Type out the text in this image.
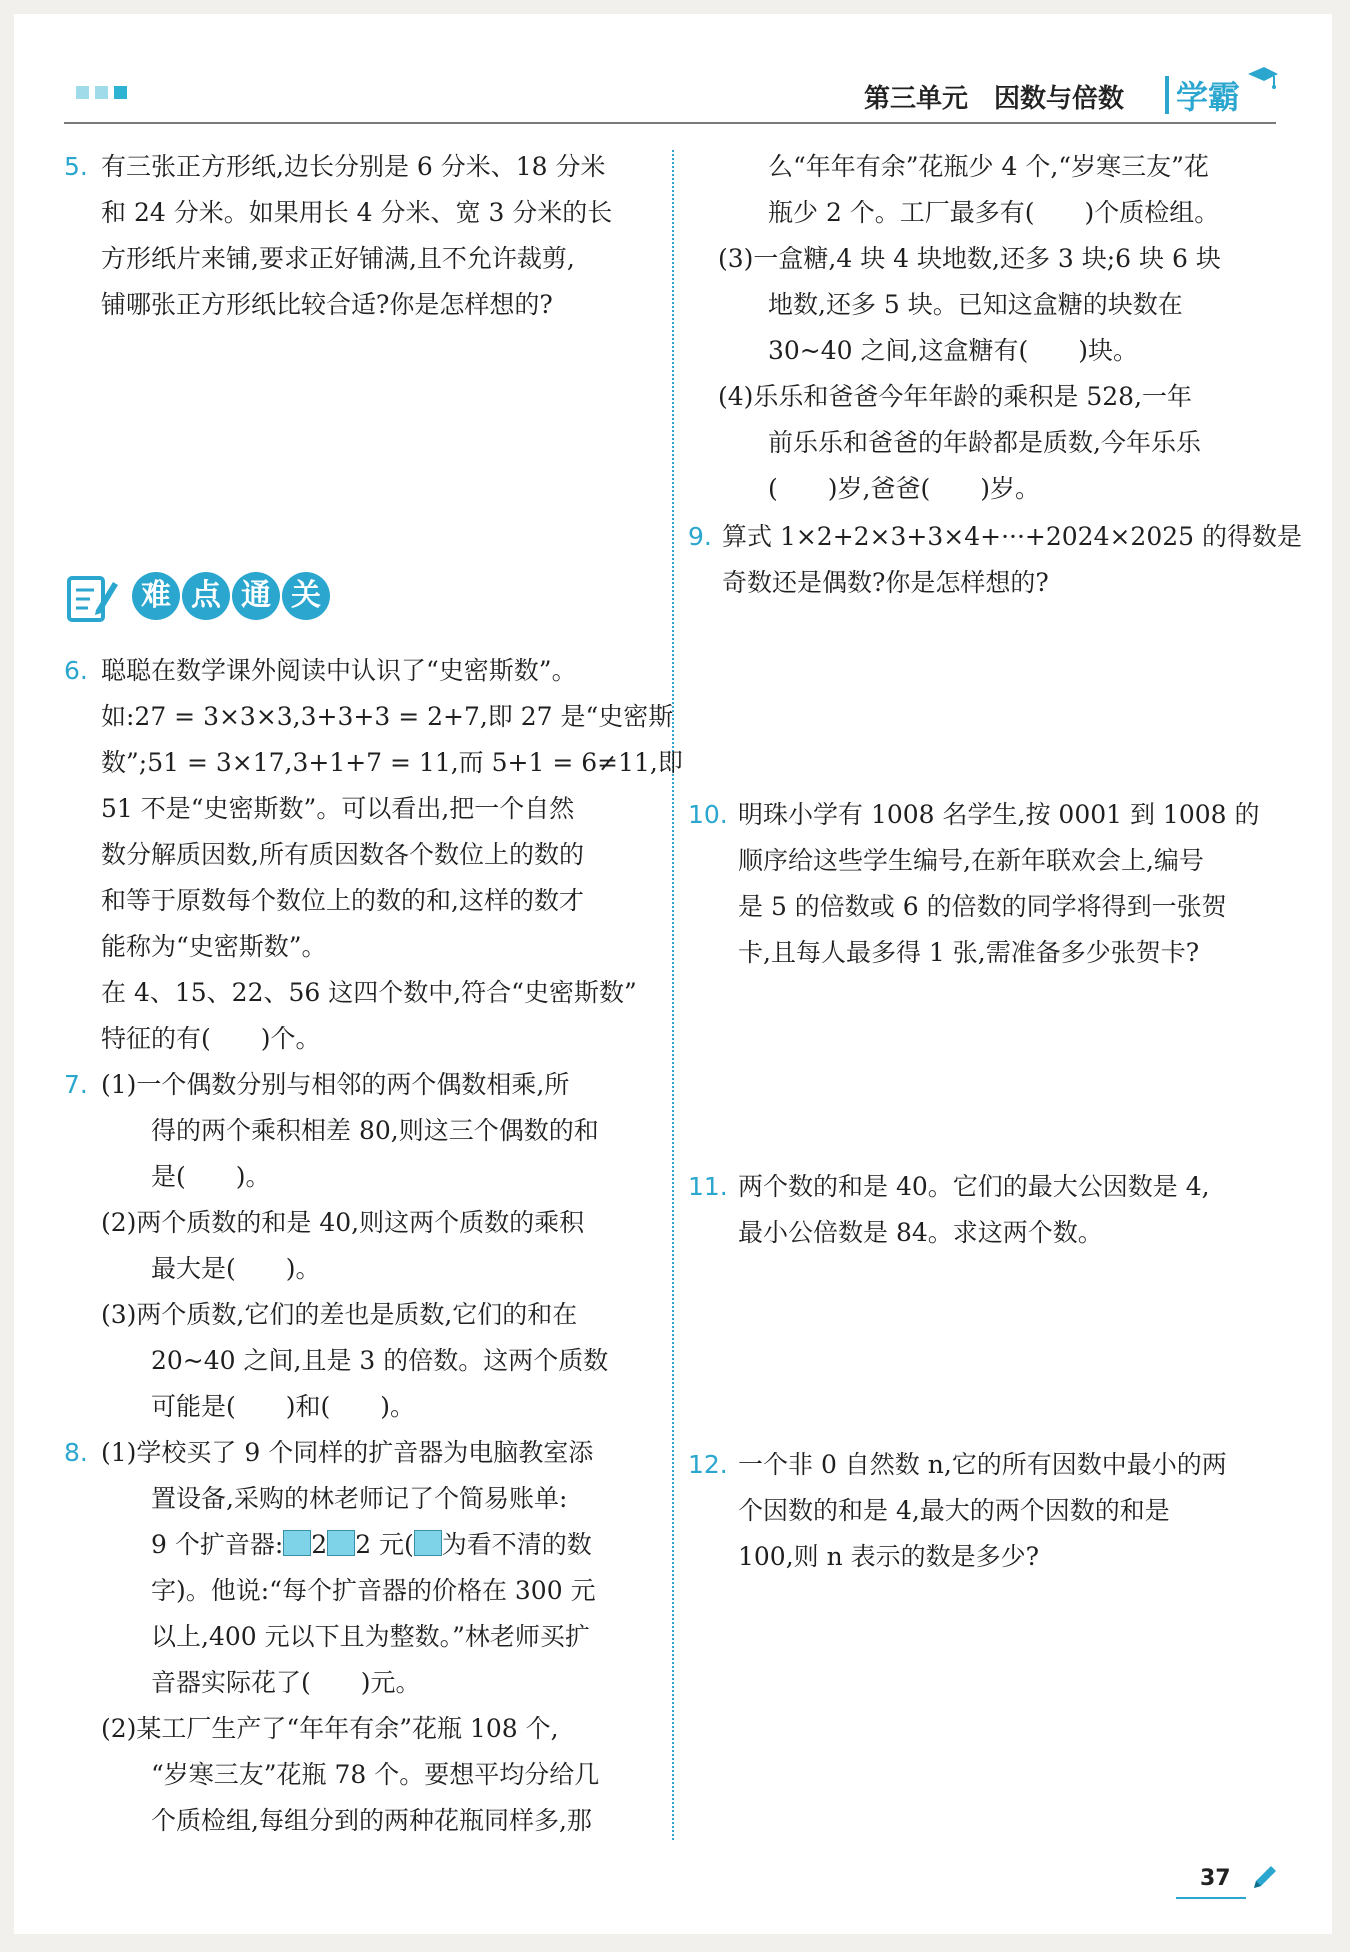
第三单元　 因数与倍数 学霸
5. 有三张正方形纸,边长分别是 6 分米、18 分米
和 24 分米。如果用长 4 分米、宽 3 分米的长
方形纸片来铺,要求正好铺满,且不允许裁剪,
铺哪张正方形纸比较合适?你是怎样想的?
难 点 通 关
6. 聪聪在数学课外阅读中认识了“史密斯数”。
如:27 = 3×3×3,3+3+3 = 2+7,即 27 是“史密斯
数”;51 = 3×17,3+1+7 = 11,而 5+1 = 6≠11,即
51 不是“史密斯数”。可以看出,把一个自然
数分解质因数,所有质因数各个数位上的数的
和等于原数每个数位上的数的和,这样的数才
能称为“史密斯数”。
在 4、15、22、56 这四个数中,符合“史密斯数”
特征的有(　　)个。
7. (1)一个偶数分别与相邻的两个偶数相乘,所
得的两个乘积相差 80,则这三个偶数的和
是(　　)。
(2)两个质数的和是 40,则这两个质数的乘积
最大是(　　)。
(3)两个质数,它们的差也是质数,它们的和在
20~40 之间,且是 3 的倍数。这两个质数
可能是(　　)和(　　)。
8. (1)学校买了 9 个同样的扩音器为电脑教室添
置设备,采购的林老师记了个简易账单:
9 个扩音器: 2 2 元( 为看不清的数
字)。他说:“每个扩音器的价格在 300 元
以上,400 元以下且为整数。”林老师买扩
音器实际花了(　　)元。
(2)某工厂生产了“年年有余”花瓶 108 个,
“岁寒三友”花瓶 78 个。要想平均分给几
个质检组,每组分到的两种花瓶同样多,那
么“年年有余”花瓶少 4 个,“岁寒三友”花
瓶少 2 个。工厂最多有(　　)个质检组。
(3)一盒糖,4 块 4 块地数,还多 3 块;6 块 6 块
地数,还多 5 块。已知这盒糖的块数在
30~40 之间,这盒糖有(　　)块。
(4)乐乐和爸爸今年年龄的乘积是 528,一年
前乐乐和爸爸的年龄都是质数,今年乐乐
(　　)岁,爸爸(　　)岁。
9. 算式 1×2+2×3+3×4+···+2024×2025 的得数是
奇数还是偶数?你是怎样想的?
10. 明珠小学有 1008 名学生,按 0001 到 1008 的
顺序给这些学生编号,在新年联欢会上,编号
是 5 的倍数或 6 的倍数的同学将得到一张贺
卡,且每人最多得 1 张,需准备多少张贺卡?
11. 两个数的和是 40。它们的最大公因数是 4,
最小公倍数是 84。求这两个数。
12. 一个非 0 自然数 n,它的所有因数中最小的两
个因数的和是 4,最大的两个因数的和是
100,则 n 表示的数是多少?
37
